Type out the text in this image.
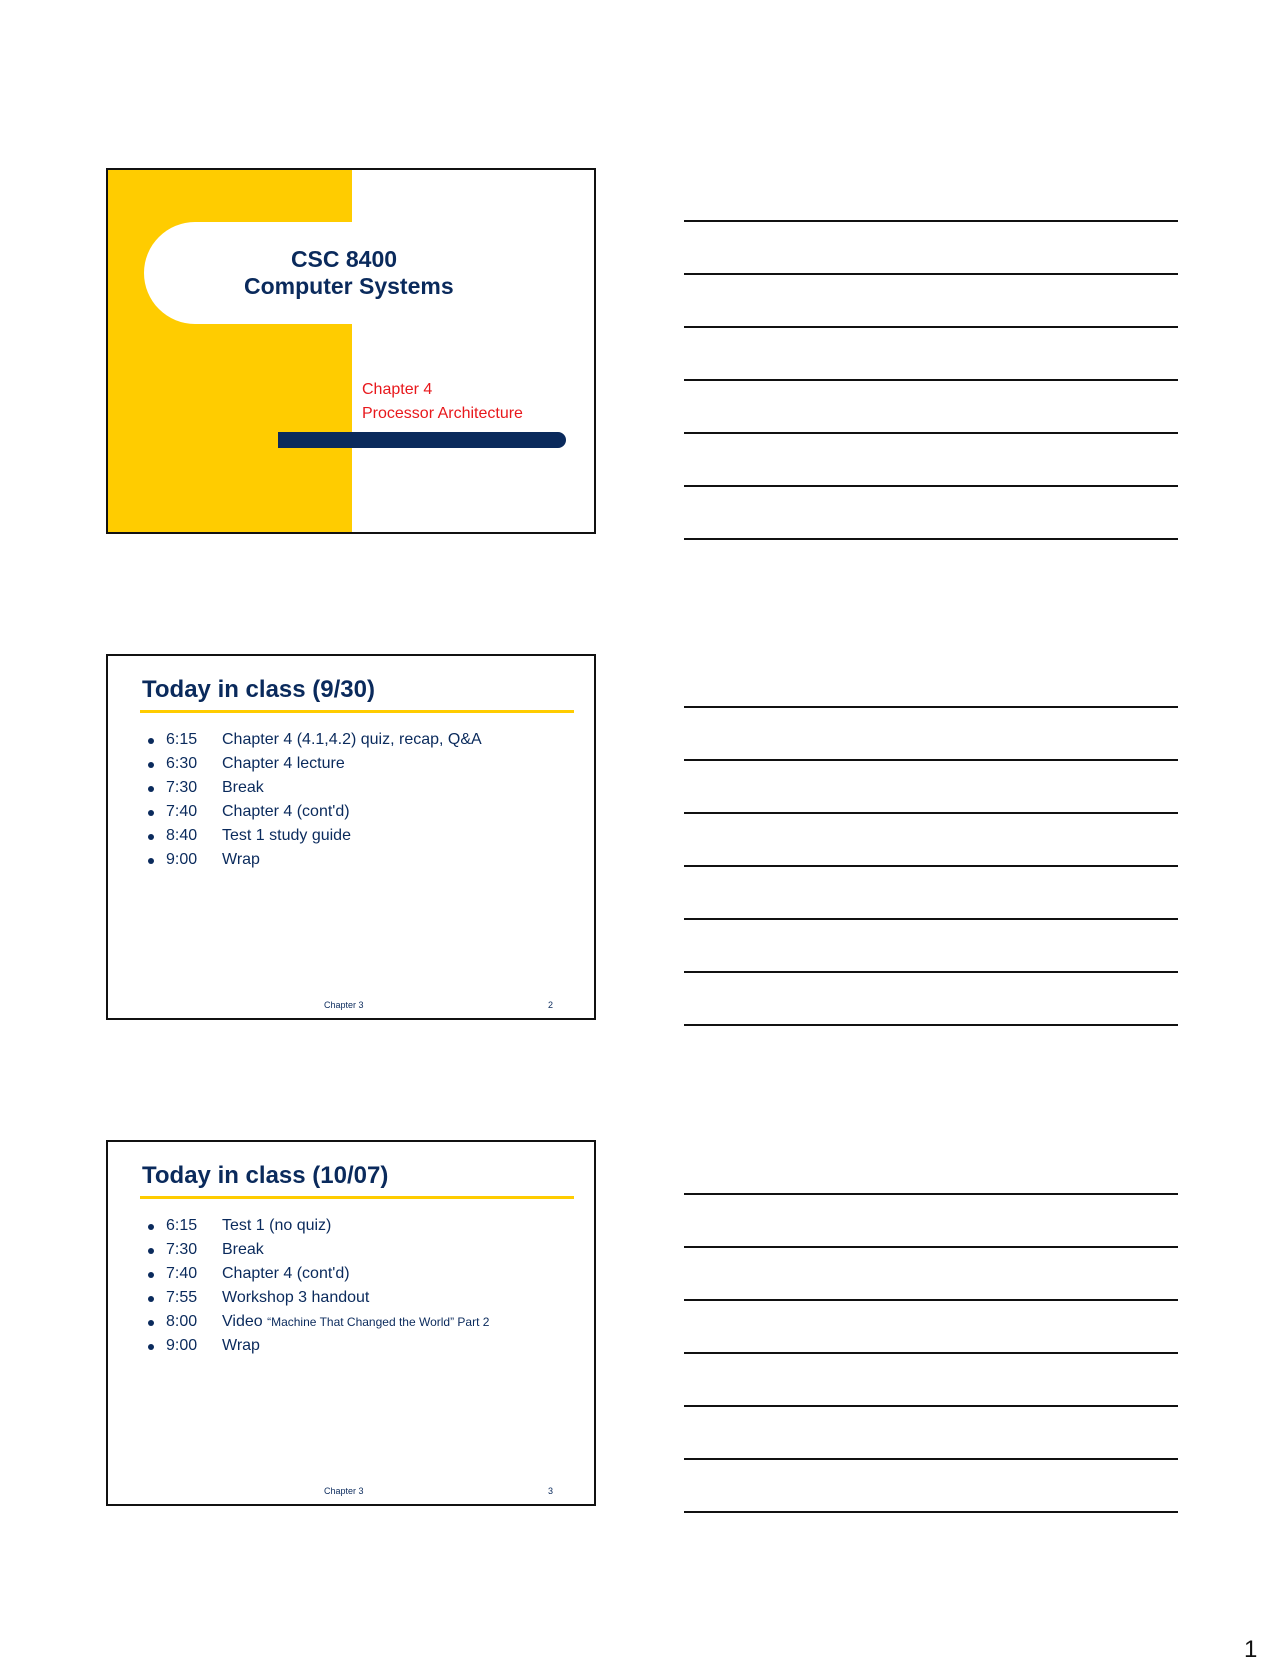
CSC 8400
Computer Systems
Chapter 4
Processor Architecture
Today in class (9/30)
6:15 Chapter 4 (4.1,4.2) quiz, recap, Q&A
6:30 Chapter 4 lecture
7:30 Break
7:40 Chapter 4 (cont'd)
8:40 Test 1 study guide
9:00 Wrap
Chapter 3	2
Today in class (10/07)
6:15 Test 1 (no quiz)
7:30 Break
7:40 Chapter 4 (cont'd)
7:55 Workshop 3 handout
8:00 Video “Machine That Changed the World” Part 2
9:00 Wrap
Chapter 3	3
1
